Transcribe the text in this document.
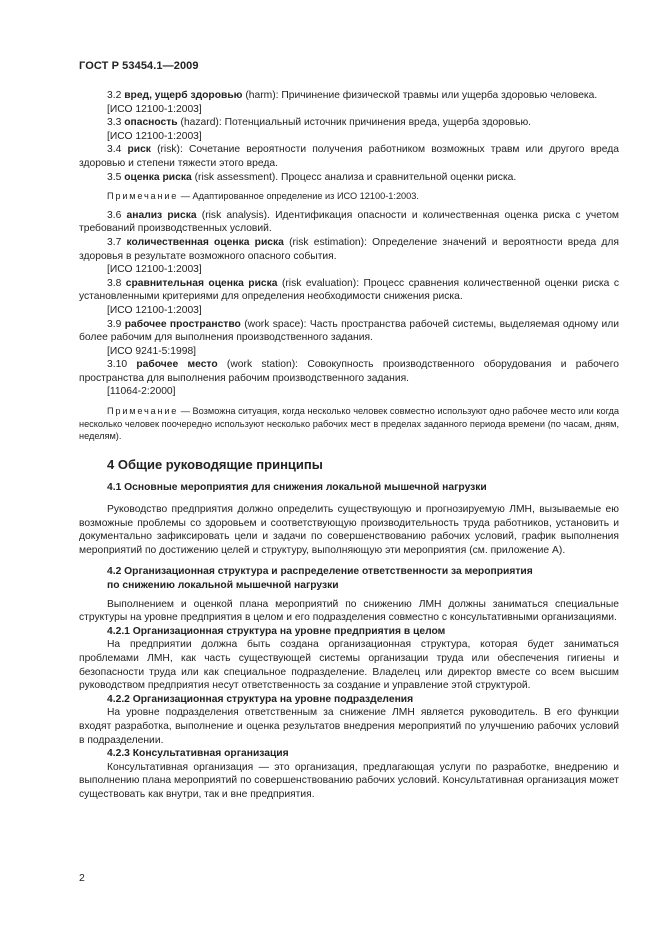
ГОСТ Р 53454.1—2009

3.2 вред, ущерб здоровью (harm): Причинение физической травмы или ущерба здоровью человека.

[ИСО 12100-1:2003]

3.3 опасность (hazard): Потенциальный источник причинения вреда, ущерба здоровью.

[ИСО 12100-1:2003]

3.4 риск (risk): Сочетание вероятности получения работником возможных травм или другого вреда здоровью и степени тяжести этого вреда.

3.5 оценка риска (risk assessment). Процесс анализа и сравнительной оценки риска.

Примечание — Адаптированное определение из ИСО 12100-1:2003.

3.6 анализ риска (risk analysis). Идентификация опасности и количественная оценка риска с учетом требований производственных условий.

3.7 количественная оценка риска (risk estimation): Определение значений и вероятности вреда для здоровья в результате возможного опасного события.

[ИСО 12100-1:2003]

3.8 сравнительная оценка риска (risk evaluation): Процесс сравнения количественной оценки риска с установленными критериями для определения необходимости снижения риска.

[ИСО 12100-1:2003]

3.9 рабочее пространство (work space): Часть пространства рабочей системы, выделяемая одному или более рабочим для выполнения производственного задания.

[ИСО 9241-5:1998]

3.10 рабочее место (work station): Совокупность производственного оборудования и рабочего пространства для выполнения рабочим производственного задания.

[11064-2:2000]

Примечание — Возможна ситуация, когда несколько человек совместно используют одно рабочее место или когда несколько человек поочередно используют несколько рабочих мест в пределах заданного периода времени (по часам, дням, неделям).

4 Общие руководящие принципы

4.1 Основные мероприятия для снижения локальной мышечной нагрузки

Руководство предприятия должно определить существующую и прогнозируемую ЛМН, вызываемые ею возможные проблемы со здоровьем и соответствующую производительность труда работников, установить и документально зафиксировать цели и задачи по совершенствованию рабочих условий, график выполнения мероприятий по достижению целей и структуру, выполняющую эти мероприятия (см. приложение А).

4.2 Организационная структура и распределение ответственности за мероприятия
по снижению локальной мышечной нагрузки

Выполнением и оценкой плана мероприятий по снижению ЛМН должны заниматься специальные структуры на уровне предприятия в целом и его подразделения совместно с консультативными организациями.

4.2.1 Организационная структура на уровне предприятия в целом

На предприятии должна быть создана организационная структура, которая будет заниматься проблемами ЛМН, как часть существующей системы организации труда или обеспечения гигиены и безопасности труда или как специальное подразделение. Владелец или директор вместе со всем высшим руководством предприятия несут ответственность за создание и управление этой структурой.

4.2.2 Организационная структура на уровне подразделения

На уровне подразделения ответственным за снижение ЛМН является руководитель. В его функции входят разработка, выполнение и оценка результатов внедрения мероприятий по улучшению рабочих условий в подразделении.

4.2.3 Консультативная организация

Консультативная организация — это организация, предлагающая услуги по разработке, внедрению и выполнению плана мероприятий по совершенствованию рабочих условий. Консультативная организация может существовать как внутри, так и вне предприятия.

2
